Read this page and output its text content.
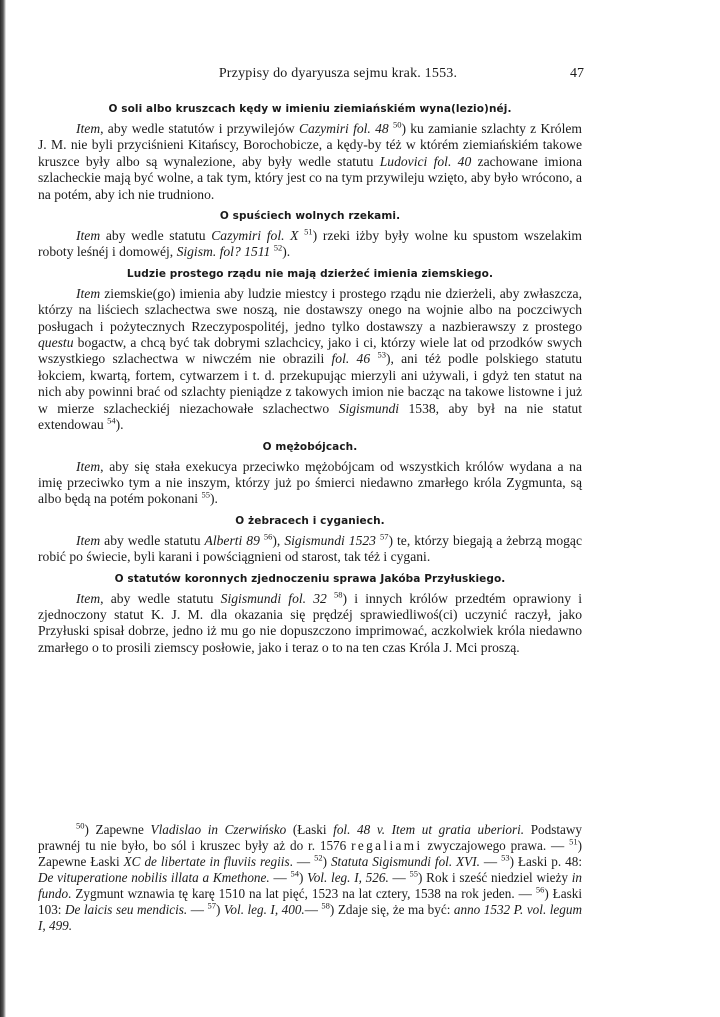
Przypisy do dyaryusza sejmu krak. 1553.	47
O soli albo kruszcach kędy w imieniu ziemiańskiém wyna(lezio)néj.

Item, aby wedle statutów i przywilejów Cazymiri fol. 48 $^{50}$) ku zamianie szlachty z Królem J. M. nie byli przyciśnieni Kitańscy, Borochobicze, a kędy-by téż w którém ziemiańskiém takowe kruszce były albo są wynalezione, aby były wedle statutu Ludovici fol. 40 zachowane imiona szlacheckie mają być wolne, a tak tym, który jest co na tym przywileju wzięto, aby było wrócono, a na potém, aby ich nie trudniono.

O spuściech wolnych rzekami.

Item aby wedle statutu Cazymiri fol. X $^{51}$) rzeki iżby były wolne ku spustom wszelakim roboty leśnéj i domowéj, Sigism. fol? 1511 $^{52}$).

Ludzie prostego rządu nie mają dzierżeć imienia ziemskiego.

Item ziemskie(go) imienia aby ludzie miestcy i prostego rządu nie dzierżeli, aby zwłaszcza, którzy na liściech szlachectwa swe noszą, nie dostawszy onego na wojnie albo na poczciwych posługach i pożytecznych Rzeczypospolitéj, jedno tylko dostawszy a nazbierawszy z prostego questu bogactw, a chcą być tak dobrymi szlachcicy, jako i ci, którzy wiele lat od przodków swych wszystkiego szlachectwa w niwczém nie obrazili fol. 46 $^{53}$), ani téż podle polskiego statutu łokciem, kwartą, fortem, cytwarzem i t. d. przekupując mierzyli ani używali, i gdyż ten statut na nich aby powinni brać od szlachty pieniądze z takowych imion nie bacząc na takowe listowne i już w mierze szlacheckiéj niezachowałe szlachectwo Sigismundi 1538, aby był na nie statut extendowau $^{54}$).

O mężobójcach.

Item, aby się stała exekucya przeciwko mężobójcam od wszystkich królów wydana a na imię przeciwko tym a nie inszym, którzy już po śmierci niedawno zmarłego króla Zygmunta, są albo będą na potém pokonani $^{55}$).

O żebracech i cyganiech.

Item aby wedle statutu Alberti 89 $^{56}$), Sigismundi 1523 $^{57}$) te, którzy biegają a żebrzą mogąc robić po świecie, byli karani i powściągnieni od starost, tak téż i cygani.

O statutów koronnych zjednoczeniu sprawa Jakóba Przyłuskiego.

Item, aby wedle statutu Sigismundi fol. 32 $^{58}$) i innych królów przedtém oprawiony i zjednoczony statut K. J. M. dla okazania się prędzéj sprawiedliwoś(ci) uczynić raczył, jako Przyłuski spisał dobrze, jedno iż mu go nie dopuszczono imprimować, aczkolwiek króla niedawno zmarłego o to prosili ziemscy posłowie, jako i teraz o to na ten czas Króla J. Mci proszą.

$^{50}$) Zapewne Vladislao in Czerwińsko (Łaski fol. 48 v. Item ut gratia uberiori. Podstawy prawnéj tu nie było, bo sól i kruszec były aż do r. 1576 regaliami zwyczajowego prawa. — $^{51}$) Zapewne Łaski XC de libertate in fluviis regiis. — $^{52}$) Statuta Sigismundi fol. XVI. — $^{53}$) Łaski p. 48: De vituperatione nobilis illata a Kmethone. — $^{54}$) Vol. leg. I, 526. — $^{55}$) Rok i sześć niedziel wieży in fundo. Zygmunt wznawia tę karę 1510 na lat pięć, 1523 na lat cztery, 1538 na rok jeden. — $^{56}$) Łaski 103: De laicis seu mendicis. — $^{57}$) Vol. leg. I, 400.— $^{58}$) Zdaje się, że ma być: anno 1532 P. vol. legum I, 499.
